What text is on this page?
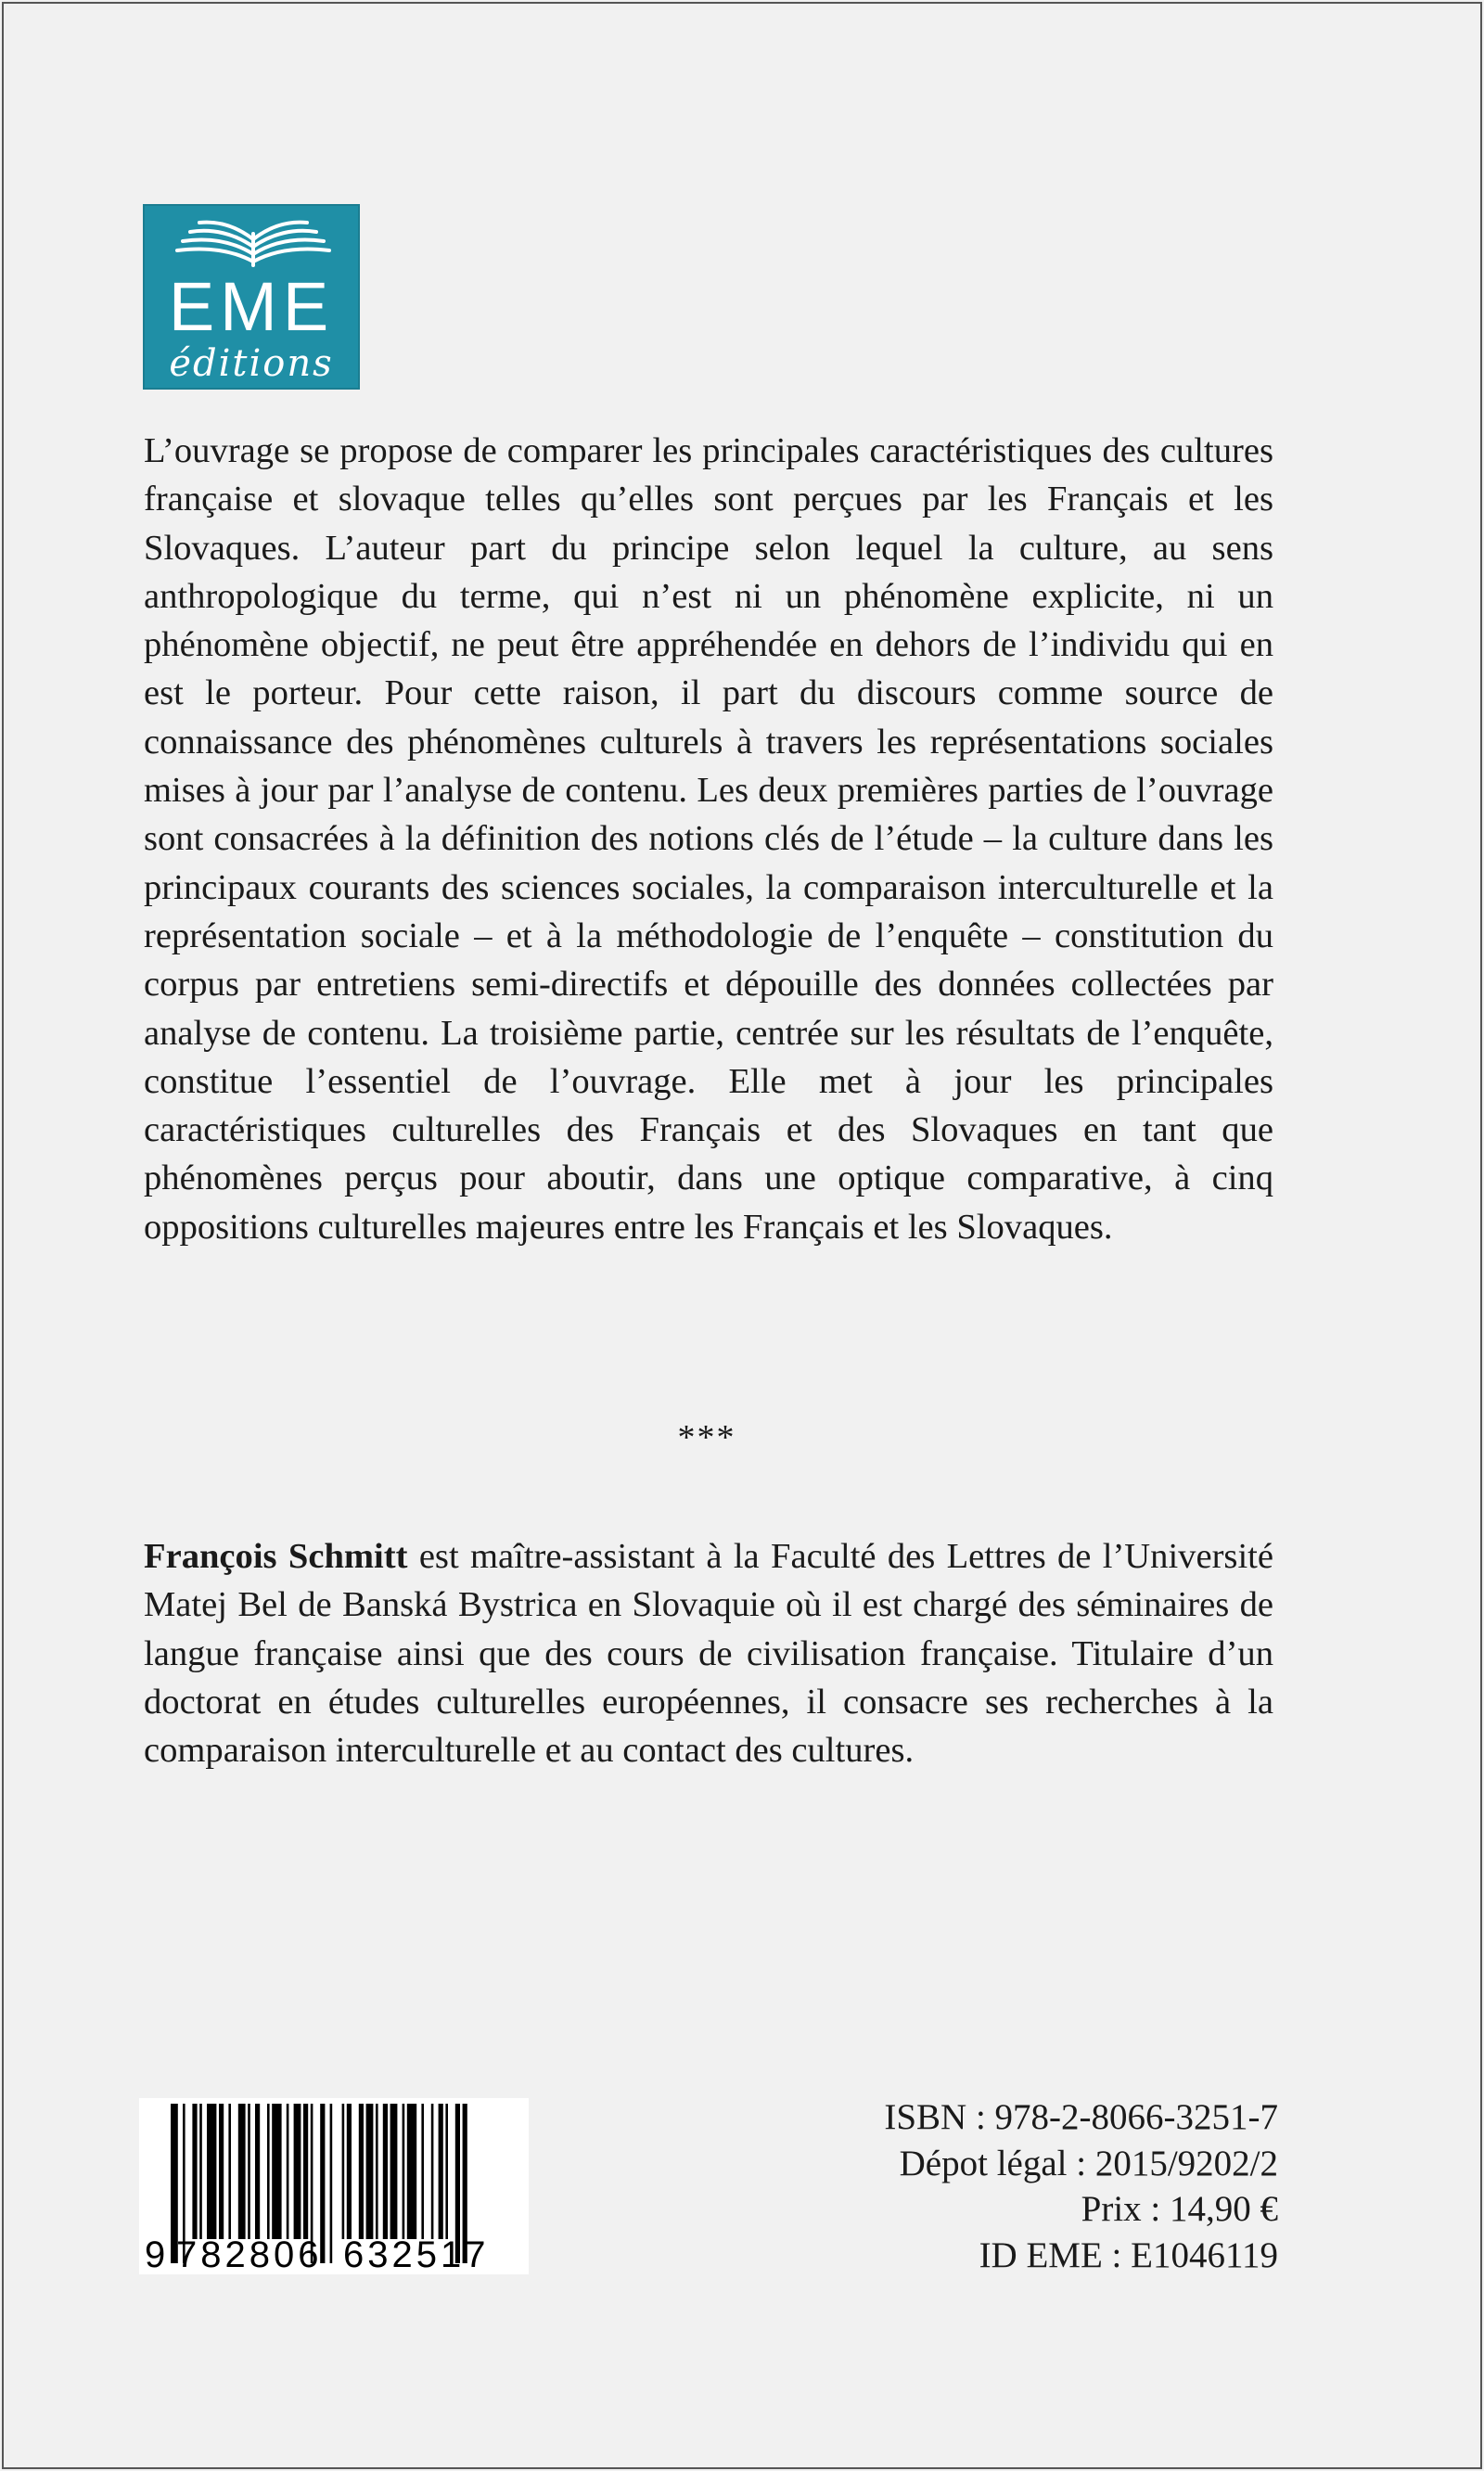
EME
éditions

L’ouvrage se propose de comparer les principales caractéristiques des cultures française et slovaque telles qu’elles sont perçues par les Français et les Slovaques. L’auteur part du principe selon lequel la culture, au sens anthropologique du terme, qui n’est ni un phénomène explicite, ni un phénomène objectif, ne peut être appréhendée en dehors de l’individu qui en est le porteur. Pour cette raison, il part du discours comme source de connaissance des phénomènes culturels à travers les représentations sociales mises à jour par l’analyse de contenu. Les deux premières parties de l’ouvrage sont consacrées à la définition des notions clés de l’étude – la culture dans les principaux courants des sciences sociales, la comparaison interculturelle et la représentation sociale – et à la méthodologie de l’enquête – constitution du corpus par entretiens semi-directifs et dépouille des données collectées par analyse de contenu. La troisième partie, centrée sur les résultats de l’enquête, constitue l’essentiel de l’ouvrage. Elle met à jour les principales caractéristiques culturelles des Français et des Slovaques en tant que phénomènes perçus pour aboutir, dans une optique comparative, à cinq oppositions culturelles majeures entre les Français et les Slovaques.

***

François Schmitt est maître-assistant à la Faculté des Lettres de l’Université Matej Bel de Banská Bystrica en Slovaquie où il est chargé des séminaires de langue française ainsi que des cours de civilisation française. Titulaire d’un doctorat en études culturelles européennes, il consacre ses recherches à la comparaison interculturelle et au contact des cultures.

9 782806 632517
ISBN : 978-2-8066-3251-7
Dépot légal : 2015/9202/2
Prix : 14,90 €
ID EME : E1046119
